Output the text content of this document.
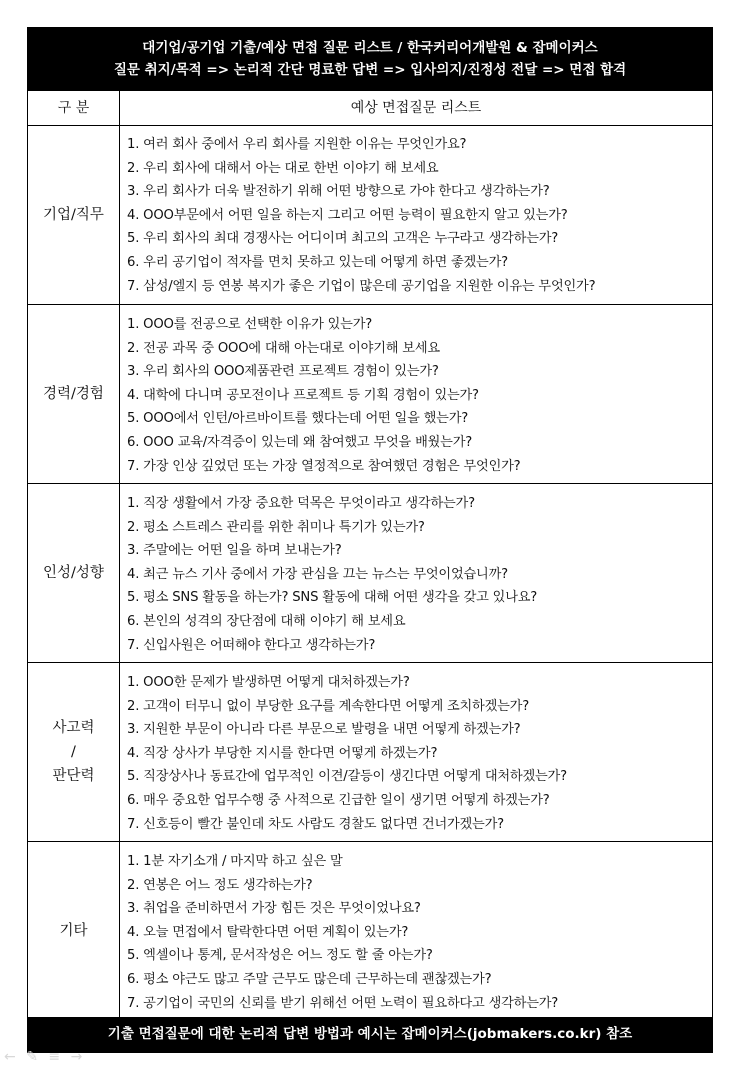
대기업/공기업 기출/예상 면접 질문 리스트 / 한국커리어개발원 & 잡메이커스
질문 취지/목적 => 논리적 간단 명료한 답변 => 입사의지/진정성 전달 => 면접 합격
구 분	예상 면접질문 리스트
기업/직무
1. 여러 회사 중에서 우리 회사를 지원한 이유는 무엇인가요?
2. 우리 회사에 대해서 아는 대로 한번 이야기 해 보세요
3. 우리 회사가 더욱 발전하기 위해 어떤 방향으로 가야 한다고 생각하는가?
4. OOO부문에서 어떤 일을 하는지 그리고 어떤 능력이 필요한지 알고 있는가?
5. 우리 회사의 최대 경쟁사는 어디이며 최고의 고객은 누구라고 생각하는가?
6. 우리 공기업이 적자를 면치 못하고 있는데 어떻게 하면 좋겠는가?
7. 삼성/엘지 등 연봉 복지가 좋은 기업이 많은데 공기업을 지원한 이유는 무엇인가?
경력/경험
1. OOO를 전공으로 선택한 이유가 있는가?
2. 전공 과목 중 OOO에 대해 아는대로 이야기해 보세요
3. 우리 회사의 OOO제품관련 프로젝트 경험이 있는가?
4. 대학에 다니며 공모전이나 프로젝트 등 기획 경험이 있는가?
5. OOO에서 인턴/아르바이트를 했다는데 어떤 일을 했는가?
6. OOO 교육/자격증이 있는데 왜 참여했고 무엇을 배웠는가?
7. 가장 인상 깊었던 또는 가장 열정적으로 참여했던 경험은 무엇인가?
인성/성향
1. 직장 생활에서 가장 중요한 덕목은 무엇이라고 생각하는가?
2. 평소 스트레스 관리를 위한 취미나 특기가 있는가?
3. 주말에는 어떤 일을 하며 보내는가?
4. 최근 뉴스 기사 중에서 가장 관심을 끄는 뉴스는 무엇이었습니까?
5. 평소 SNS 활동을 하는가? SNS 활동에 대해 어떤 생각을 갖고 있나요?
6. 본인의 성격의 장단점에 대해 이야기 해 보세요
7. 신입사원은 어떠해야 한다고 생각하는가?
사고력
/
판단력
1. OOO한 문제가 발생하면 어떻게 대처하겠는가?
2. 고객이 터무니 없이 부당한 요구를 계속한다면 어떻게 조치하겠는가?
3. 지원한 부문이 아니라 다른 부문으로 발령을 내면 어떻게 하겠는가?
4. 직장 상사가 부당한 지시를 한다면 어떻게 하겠는가?
5. 직장상사나 동료간에 업무적인 이견/갈등이 생긴다면 어떻게 대처하겠는가?
6. 매우 중요한 업무수행 중 사적으로 긴급한 일이 생기면 어떻게 하겠는가?
7. 신호등이 빨간 불인데 차도 사람도 경찰도 없다면 건너가겠는가?
기타
1. 1분 자기소개 / 마지막 하고 싶은 말
2. 연봉은 어느 정도 생각하는가?
3. 취업을 준비하면서 가장 힘든 것은 무엇이었나요?
4. 오늘 면접에서 탈락한다면 어떤 계획이 있는가?
5. 엑셀이나 통계, 문서작성은 어느 정도 할 줄 아는가?
6. 평소 야근도 많고 주말 근무도 많은데 근무하는데 괜찮겠는가?
7. 공기업이 국민의 신뢰를 받기 위해선 어떤 노력이 필요하다고 생각하는가?
기출 면접질문에 대한 논리적 답변 방법과 예시는 잡메이커스(jobmakers.co.kr) 참조
← ✎ ≡ →
